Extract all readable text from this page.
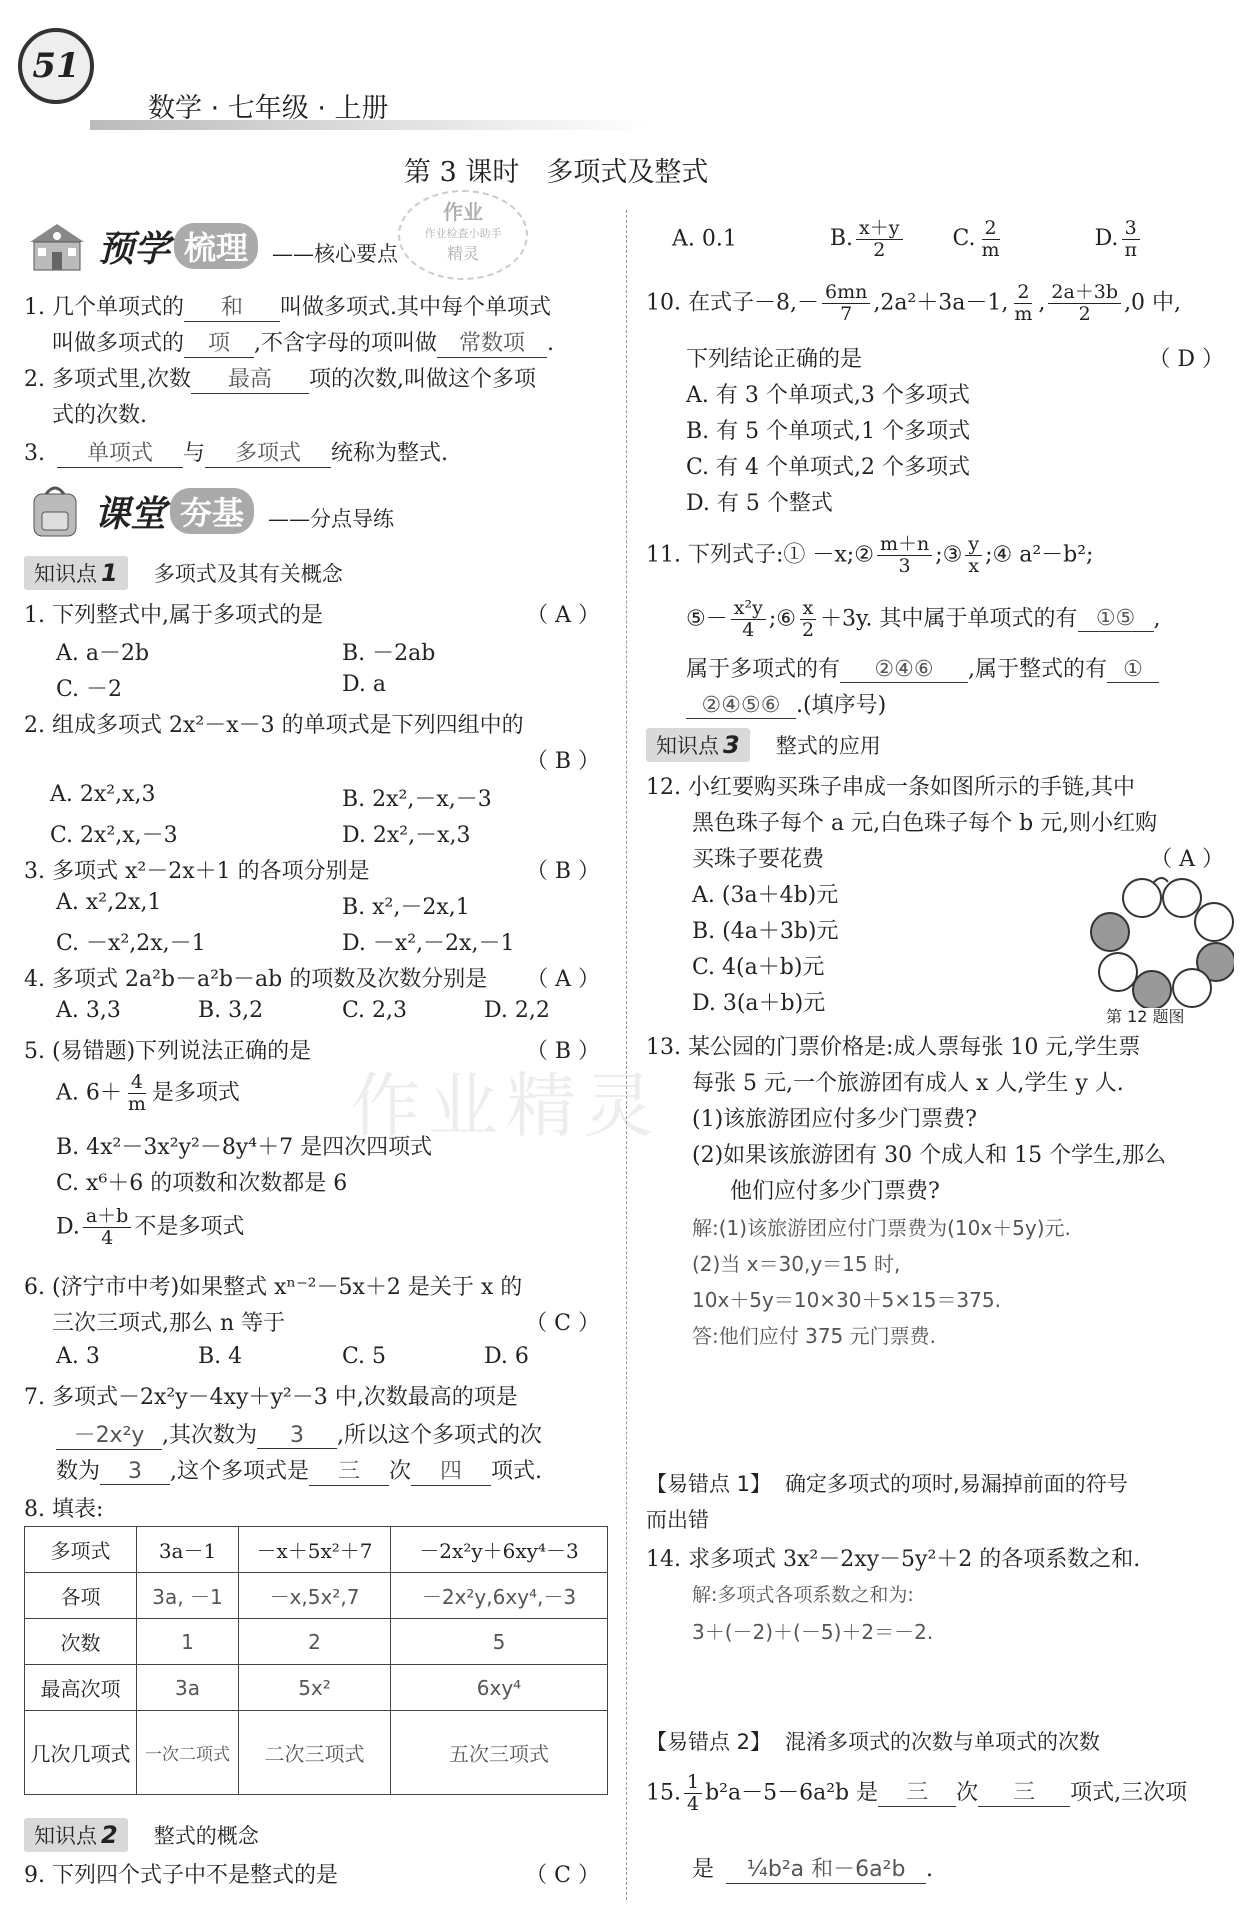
51
数学 · 七年级 · 上册
第 3 课时　多项式及整式
作业
作业检查小助手
精灵
预学 梳理	——核心要点
1. 几个单项式的 和 叫做多项式.其中每个单项式
叫做多项式的 项 ,不含字母的项叫做 常数项 .
2. 多项式里,次数 最高 项的次数,叫做这个多项
式的次数.
3. 单项式 与 多项式 统称为整式.
课堂 夯基	——分点导练
知识点 1	多项式及其有关概念
1. 下列整式中,属于多项式的是	（ A ）
A. a－2b	B. －2ab
C. －2	D. a
2. 组成多项式 2x²－x－3 的单项式是下列四组中的
（ B ）
A. 2x²,x,3	B. 2x²,－x,－3
C. 2x²,x,－3	D. 2x²,－x,3
3. 多项式 x²－2x＋1 的各项分别是	（ B ）
A. x²,2x,1	B. x²,－2x,1
C. －x²,2x,－1	D. －x²,－2x,－1
4. 多项式 2a²b－a²b－ab 的项数及次数分别是 （ A ）
A. 3,3	B. 3,2	C. 2,3	D. 2,2
5. (易错题)下列说法正确的是	（ B ）
A. $6+ \frac{4}{m}$ 是多项式
B. 4x²－3x²y²－8y⁴＋7 是四次四项式
C. x⁶＋6 的项数和次数都是 6
D. $\frac{a+b}{4}$ 不是多项式
6. (济宁市中考)如果整式 xⁿ⁻²－5x＋2 是关于 x 的
三次三项式,那么 n 等于	（ C ）
A. 3	B. 4	C. 5	D. 6
7. 多项式－2x²y－4xy＋y²－3 中,次数最高的项是
－2x²y ,其次数为 3 ,所以这个多项式的次
数为 3 ,这个多项式是 三 次 四 项式.
8. 填表:
多项式	3a－1	－x＋5x²＋7	－2x²y＋6xy⁴－3
各项	3a, －1	－x,5x²,7	－2x²y,6xy⁴,－3
次数	1	2	5
最高次项	3a	5x²	6xy⁴
几次几项式	一次二项式	二次三项式	五次三项式
知识点 2	整式的概念
9. 下列四个式子中不是整式的是	（ C ）
作业精灵
A. 0.1	B. $\frac{x+y}{2} C$. $\frac{2}{m}$	D. $\frac{3}{\pi}$
10. 在式子$-8,- \frac{6mn}{7} ,2a^2+3a-1$, $\frac{2}{m}$ , $\frac{2a+3b}{2} ,0$ 中,
下列结论正确的是	（ D ）
A. 有 3 个单项式,3 个多项式
B. 有 5 个单项式,1 个多项式
C. 有 4 个单项式,2 个多项式
D. 有 5 个整式
11. 下列式子:① －x;② $\frac{m+n}{3}$ ;③ $\frac{y}{x}$ ;④ a²－b²;
⑤－ $\frac{\text{x²y}}{4}$ ;⑥ $\frac{x}{2} +3y$. 其中属于单项式的有 ①⑤ ,
属于多项式的有 ②④⑥ ,属于整式的有 ①
②④⑤⑥ .(填序号)
知识点 3	整式的应用
12. 小红要购买珠子串成一条如图所示的手链,其中
黑色珠子每个 a 元,白色珠子每个 b 元,则小红购
买珠子要花费	（ A ）
A. (3a＋4b)元
B. (4a＋3b)元
C. 4(a＋b)元
D. 3(a＋b)元
第 12 题图
13. 某公园的门票价格是:成人票每张 10 元,学生票
每张 5 元,一个旅游团有成人 x 人,学生 y 人.
(1)该旅游团应付多少门票费?
(2)如果该旅游团有 30 个成人和 15 个学生,那么
他们应付多少门票费?
解:(1)该旅游团应付门票费为(10x＋5y)元.
(2)当 x＝30,y＝15 时,
10x＋5y＝10×30＋5×15＝375.
答:他们应付 375 元门票费.
【易错点 1】 确定多项式的项时,易漏掉前面的符号
而出错
14. 求多项式 3x²－2xy－5y²＋2 的各项系数之和.
解:多项式各项系数之和为:
3＋(－2)＋(－5)＋2＝－2.
【易错点 2】 混淆多项式的次数与单项式的次数
15. $\frac{1}{4} b^2a-5-6a^2b$ 是 三 次 三 项式,三次项
是 ¼b²a 和－6a²b .
